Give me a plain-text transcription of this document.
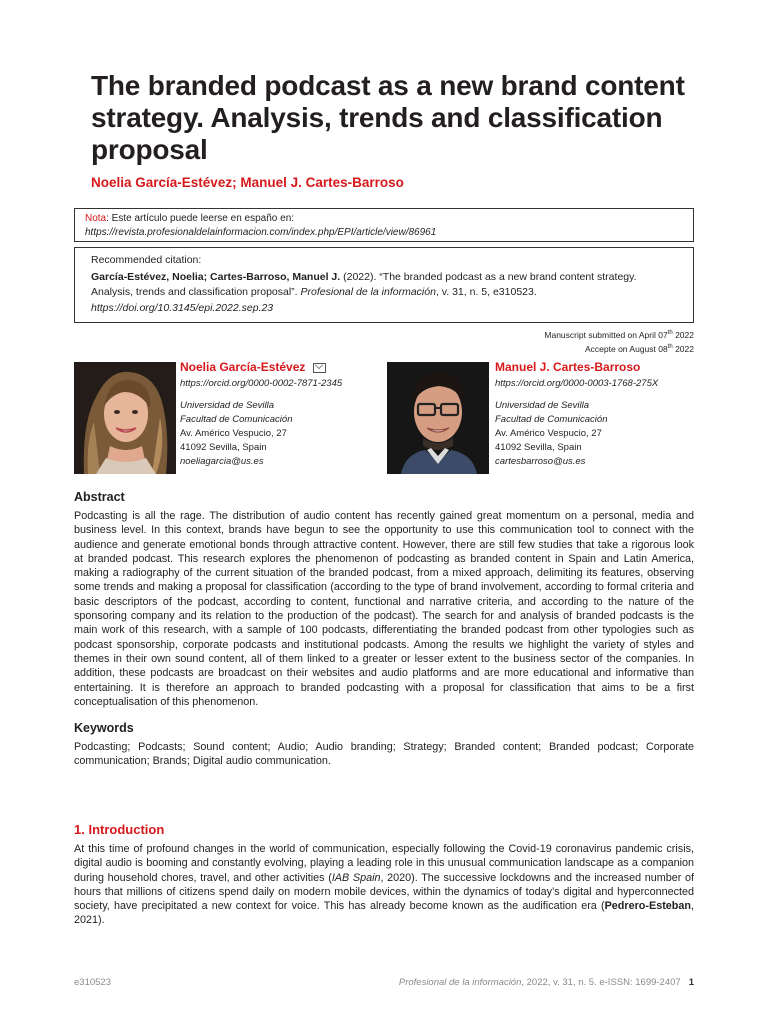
The branded podcast as a new brand content strategy. Analysis, trends and classification proposal
Noelia García-Estévez; Manuel J. Cartes-Barroso
Nota: Este artículo puede leerse en españo en:
https://revista.profesionaldelainformacion.com/index.php/EPI/article/view/86961
Recommended citation:
García-Estévez, Noelia; Cartes-Barroso, Manuel J. (2022). “The branded podcast as a new brand content strategy. Analysis, trends and classification proposal”. Profesional de la información, v. 31, n. 5, e310523.
https://doi.org/10.3145/epi.2022.sep.23
Manuscript submitted on April 07th 2022
Accepte on August 08th 2022
Noelia García-Estévez
https://orcid.org/0000-0002-7871-2345
Universidad de Sevilla
Facultad de Comunicación
Av. Américo Vespucio, 27
41092 Sevilla, Spain
noeliagarcia@us.es
Manuel J. Cartes-Barroso
https://orcid.org/0000-0003-1768-275X
Universidad de Sevilla
Facultad de Comunicación
Av. Américo Vespucio, 27
41092 Sevilla, Spain
cartesbarroso@us.es
Abstract

Podcasting is all the rage. The distribution of audio content has recently gained great momentum on a personal, media and business level. In this context, brands have begun to see the opportunity to use this communication tool to connect with the audience and generate emotional bonds through attractive content. However, there are still few studies that take a rigorous look at branded podcast. This research explores the phenomenon of podcasting as branded content in Spain and Latin America, making a radiography of the current situation of the branded podcast, from a mixed approach, delimiting its features, observing some trends and making a proposal for classification (according to the type of brand involvement, according to formal criteria and basic descriptors of the podcast, according to content, functional and narrative criteria, and according to the nature of the sponsoring company and its relation to the production of the podcast). The search for and analysis of branded podcasts is the main work of this research, with a sample of 100 podcasts, differentiating the branded podcast from other typologies such as podcast sponsorship, corporate podcasts and institutional podcasts. Among the results we highlight the variety of styles and themes in their own sound content, all of them linked to a greater or lesser extent to the business sector of the companies. In addition, these podcasts are broadcast on their websites and audio platforms and are more educational and informative than entertaining. It is therefore an approach to branded podcasting with a proposal for classification that aims to be a first conceptualisation of this phenomenon.

Keywords

Podcasting; Podcasts; Sound content; Audio; Audio branding; Strategy; Branded content; Branded podcast; Corporate communication; Brands; Digital audio communication.

1. Introduction

At this time of profound changes in the world of communication, especially following the Covid-19 coronavirus pandemic crisis, digital audio is booming and constantly evolving, playing a leading role in this unusual communication landscape as a companion during household chores, travel, and other activities (IAB Spain, 2020). The successive lockdowns and the increased number of hours that millions of citizens spend daily on modern mobile devices, within the dynamics of today’s digital and hyperconnected society, have precipitated a new context for voice. This has already become known as the audification era (Pedrero-Esteban, 2021).

e310523	Profesional de la información, 2022, v. 31, n. 5. e-ISSN: 1699-2407 1
